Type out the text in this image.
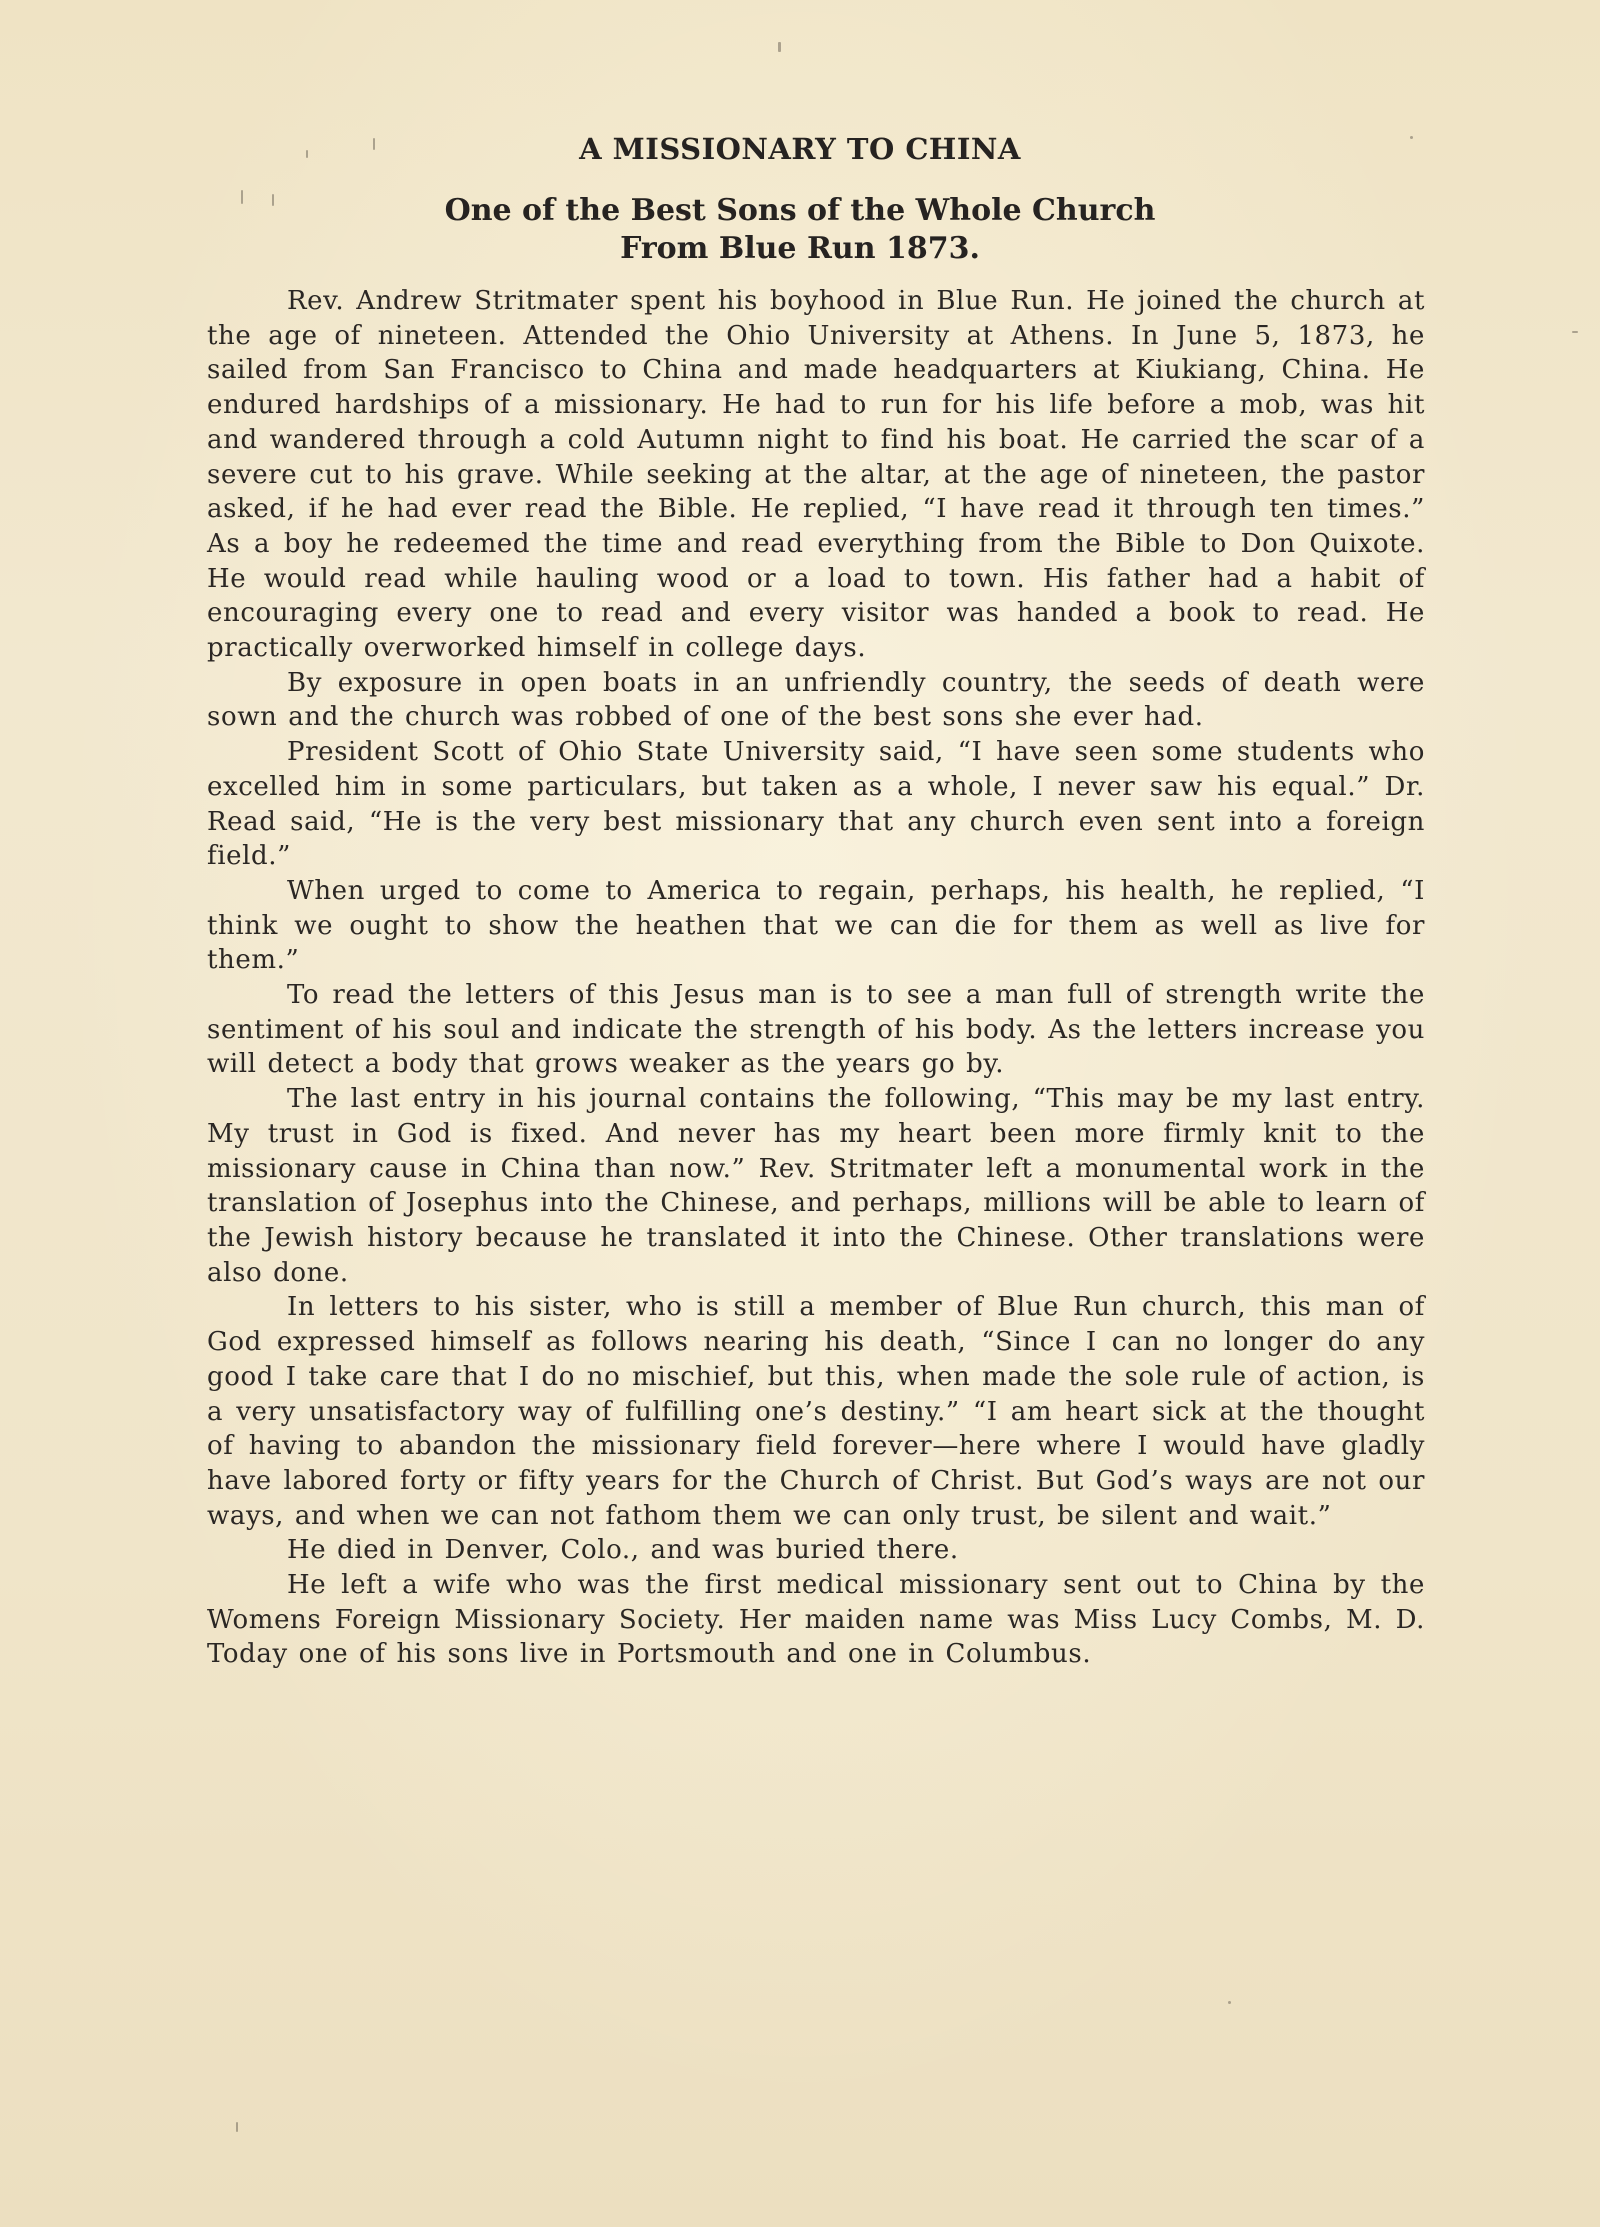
A MISSIONARY TO CHINA
One of the Best Sons of the Whole Church
From Blue Run 1873.

Rev. Andrew Stritmater spent his boyhood in Blue Run. He joined the church at the age of nineteen. Attended the Ohio University at Athens. In June 5, 1873, he sailed from San Francisco to China and made headquarters at Kiukiang, China. He endured hardships of a missionary. He had to run for his life before a mob, was hit and wandered through a cold Autumn night to find his boat. He carried the scar of a severe cut to his grave. While seeking at the altar, at the age of nineteen, the pastor asked, if he had ever read the Bible. He replied, “I have read it through ten times.” As a boy he redeemed the time and read everything from the Bible to Don Quixote. He would read while hauling wood or a load to town. His father had a habit of encouraging every one to read and every visitor was handed a book to read. He practically overworked himself in college days.

By exposure in open boats in an unfriendly country, the seeds of death were sown and the church was robbed of one of the best sons she ever had.

President Scott of Ohio State University said, “I have seen some students who excelled him in some particulars, but taken as a whole, I never saw his equal.” Dr. Read said, “He is the very best missionary that any church even sent into a foreign field.”

When urged to come to America to regain, perhaps, his health, he replied, “I think we ought to show the heathen that we can die for them as well as live for them.”

To read the letters of this Jesus man is to see a man full of strength write the sentiment of his soul and indicate the strength of his body. As the letters increase you will detect a body that grows weaker as the years go by.

The last entry in his journal contains the following, “This may be my last entry. My trust in God is fixed. And never has my heart been more firmly knit to the missionary cause in China than now.” Rev. Stritmater left a monumental work in the translation of Josephus into the Chinese, and perhaps, millions will be able to learn of the Jewish history because he translated it into the Chinese. Other translations were also done.

In letters to his sister, who is still a member of Blue Run church, this man of God expressed himself as follows nearing his death, “Since I can no longer do any good I take care that I do no mischief, but this, when made the sole rule of action, is a very unsatisfactory way of fulfilling one’s destiny.” “I am heart sick at the thought of having to abandon the missionary field forever—here where I would have gladly have labored forty or fifty years for the Church of Christ. But God’s ways are not our ways, and when we can not fathom them we can only trust, be silent and wait.”

He died in Denver, Colo., and was buried there.

He left a wife who was the first medical missionary sent out to China by the Womens Foreign Missionary Society. Her maiden name was Miss Lucy Combs, M. D. Today one of his sons live in Portsmouth and one in Columbus.
